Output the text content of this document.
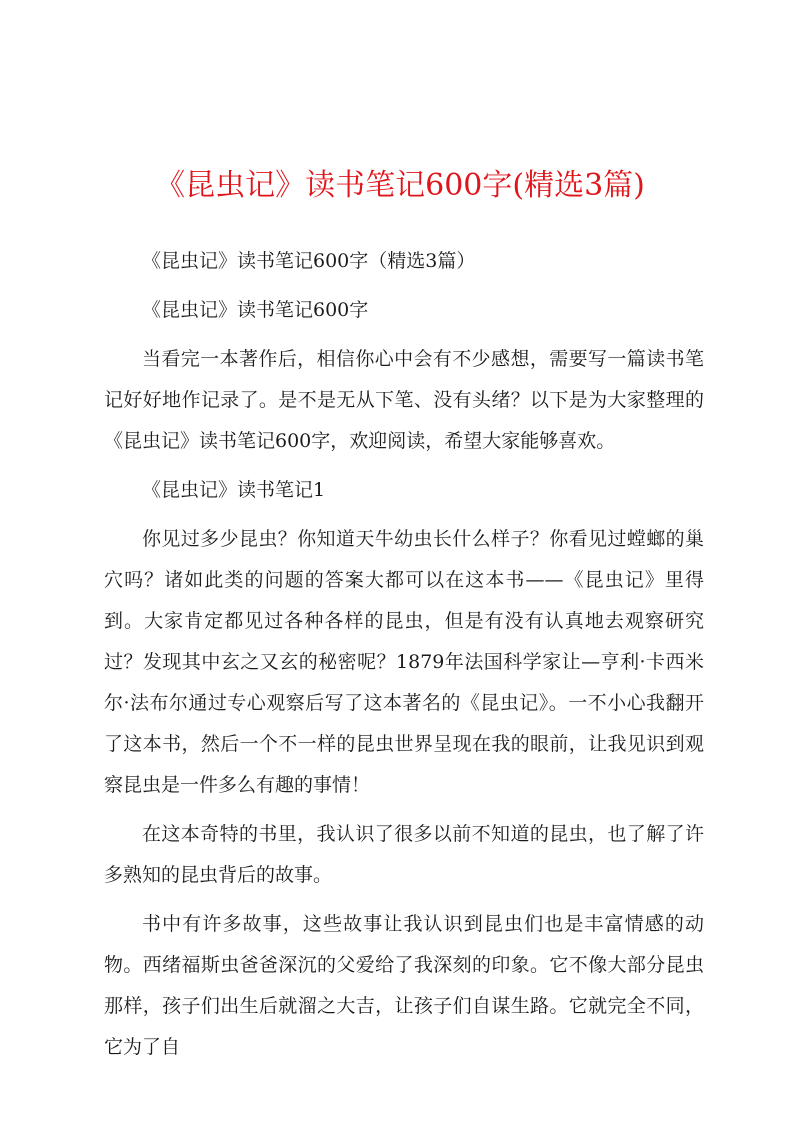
《昆虫记》读书笔记600字(精选3篇)

《昆虫记》读书笔记600字（精选3篇）

《昆虫记》读书笔记600字

当看完一本著作后，相信你心中会有不少感想，需要写一篇读书笔记好好地作记录了。是不是无从下笔、没有头绪？以下是为大家整理的《昆虫记》读书笔记600字，欢迎阅读，希望大家能够喜欢。

《昆虫记》读书笔记1

你见过多少昆虫？你知道天牛幼虫长什么样子？你看见过螳螂的巢穴吗？诸如此类的问题的答案大都可以在这本书——《昆虫记》里得到。大家肯定都见过各种各样的昆虫，但是有没有认真地去观察研究过？发现其中玄之又玄的秘密呢？1879年法国科学家让—亨利·卡西米尔·法布尔通过专心观察后写了这本著名的《昆虫记》。一不小心我翻开了这本书，然后一个不一样的昆虫世界呈现在我的眼前，让我见识到观察昆虫是一件多么有趣的事情！

在这本奇特的书里，我认识了很多以前不知道的昆虫，也了解了许多熟知的昆虫背后的故事。

书中有许多故事，这些故事让我认识到昆虫们也是丰富情感的动物。西绪福斯虫爸爸深沉的父爱给了我深刻的印象。它不像大部分昆虫那样，孩子们出生后就溜之大吉，让孩子们自谋生路。它就完全不同，它为了自
